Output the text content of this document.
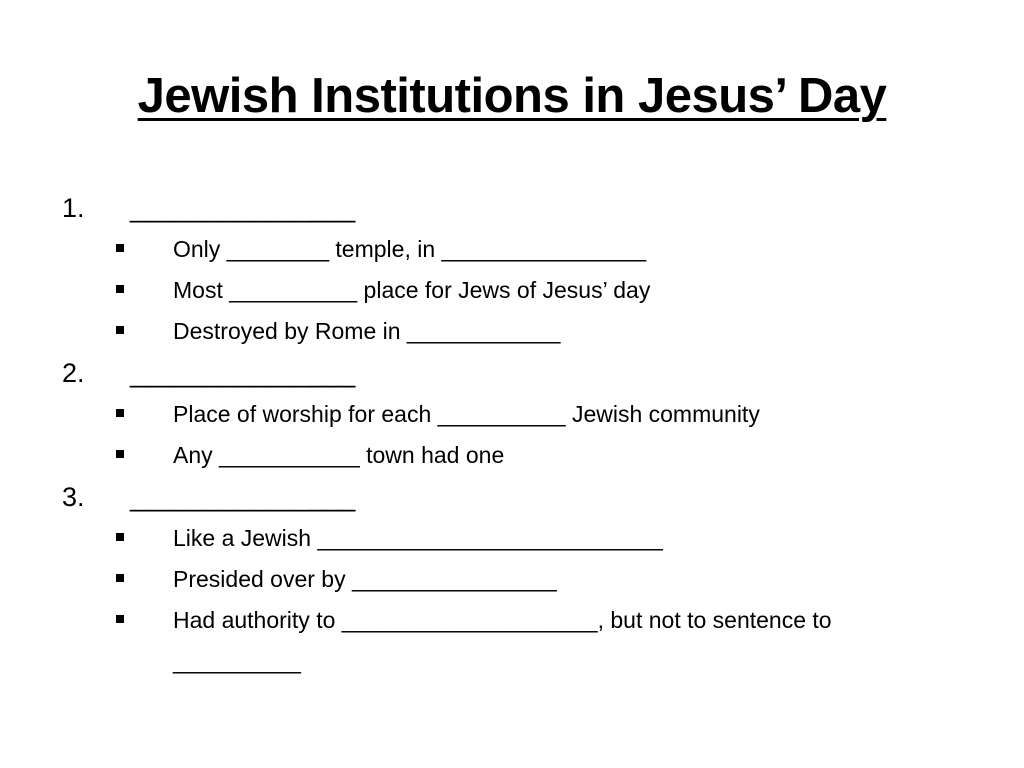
Jewish Institutions in Jesus’ Day
1.	_______________
Only ________ temple, in ________________
Most __________ place for Jews of Jesus’ day
Destroyed by Rome in ____________
2.	_______________
Place of worship for each __________ Jewish community
Any ___________ town had one
3.	_______________
Like a Jewish ___________________________
Presided over by ________________
Had authority to ____________________, but not to sentence to __________
